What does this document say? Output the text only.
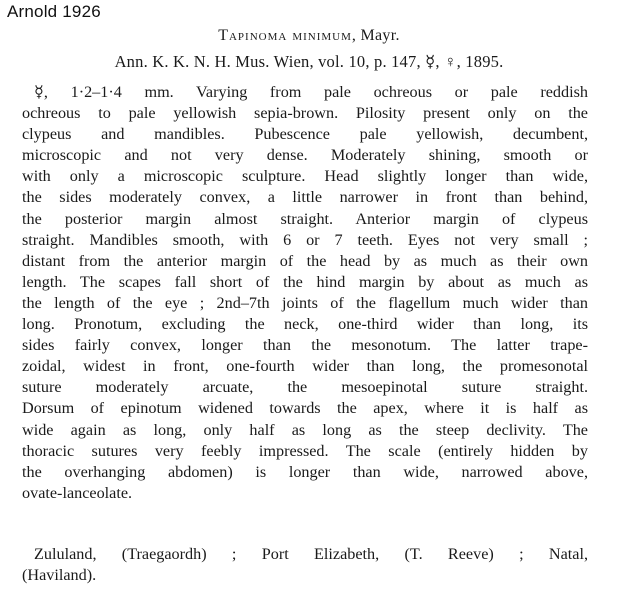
Arnold 1926
Tapinoma minimum, Mayr.
Ann. K. K. N. H. Mus. Wien, vol. 10, p. 147, ☿, ♀, 1895.
☿, 1·2–1·4 mm. Varying from pale ochreous or pale reddish
ochreous to pale yellowish sepia-brown. Pilosity present only on the
clypeus and mandibles. Pubescence pale yellowish, decumbent,
microscopic and not very dense. Moderately shining, smooth or
with only a microscopic sculpture. Head slightly longer than wide,
the sides moderately convex, a little narrower in front than behind,
the posterior margin almost straight. Anterior margin of clypeus
straight. Mandibles smooth, with 6 or 7 teeth. Eyes not very small ;
distant from the anterior margin of the head by as much as their own
length. The scapes fall short of the hind margin by about as much as
the length of the eye ; 2nd–7th joints of the flagellum much wider than
long. Pronotum, excluding the neck, one-third wider than long, its
sides fairly convex, longer than the mesonotum. The latter trape-
zoidal, widest in front, one-fourth wider than long, the promesonotal
suture moderately arcuate, the mesoepinotal suture straight.
Dorsum of epinotum widened towards the apex, where it is half as
wide again as long, only half as long as the steep declivity. The
thoracic sutures very feebly impressed. The scale (entirely hidden by
the overhanging abdomen) is longer than wide, narrowed above,
ovate-lanceolate.
Zululand, (Traegaordh) ; Port Elizabeth, (T. Reeve) ; Natal,
(Haviland).
